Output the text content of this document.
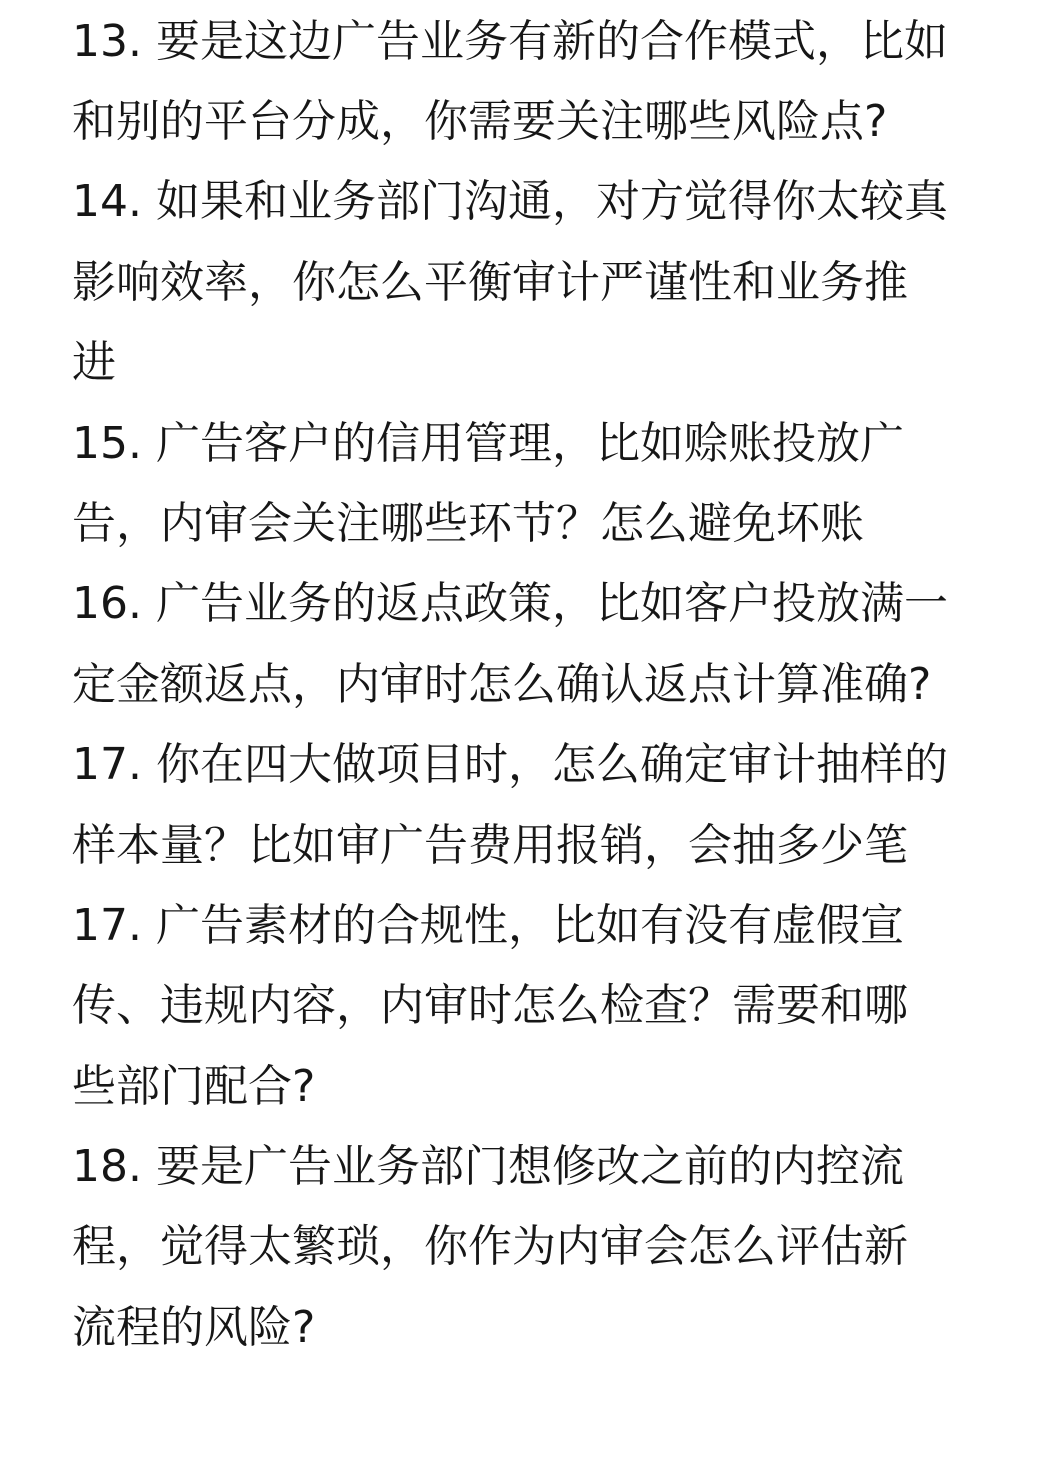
13. 要是这边广告业务有新的合作模式，比如
和别的平台分成，你需要关注哪些风险点?
14. 如果和业务部门沟通，对方觉得你太较真
影响效率，你怎么平衡审计严谨性和业务推
进
15. 广告客户的信用管理，比如赊账投放广
告，内审会关注哪些环节？怎么避免坏账
16. 广告业务的返点政策，比如客户投放满一
定金额返点，内审时怎么确认返点计算准确?
17. 你在四大做项目时，怎么确定审计抽样的
样本量？比如审广告费用报销，会抽多少笔
17. 广告素材的合规性，比如有没有虚假宣
传、违规内容，内审时怎么检查？需要和哪
些部门配合?
18. 要是广告业务部门想修改之前的内控流
程，觉得太繁琐，你作为内审会怎么评估新
流程的风险?
